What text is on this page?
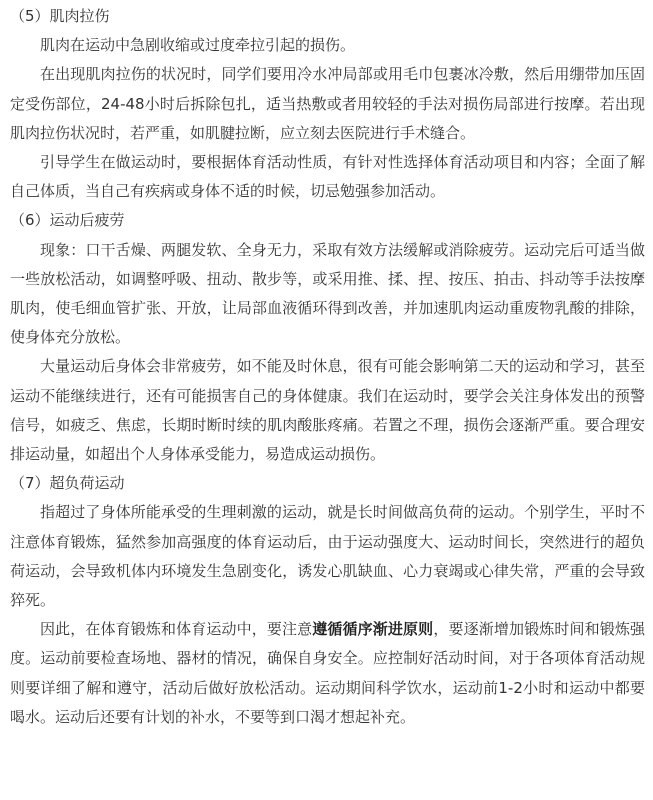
（5）肌肉拉伤

肌肉在运动中急剧收缩或过度牵拉引起的损伤。

在出现肌肉拉伤的状况时，同学们要用冷水冲局部或用毛巾包裹冰冷敷，然后用绷带加压固定受伤部位，24-48小时后拆除包扎，适当热敷或者用较轻的手法对损伤局部进行按摩。若出现肌肉拉伤状况时，若严重，如肌腱拉断，应立刻去医院进行手术缝合。

引导学生在做运动时，要根据体育活动性质，有针对性选择体育活动项目和内容；全面了解自己体质，当自己有疾病或身体不适的时候，切忌勉强参加活动。

（6）运动后疲劳

现象：口干舌燥、两腿发软、全身无力，采取有效方法缓解或消除疲劳。运动完后可适当做一些放松活动，如调整呼吸、扭动、散步等，或采用推、揉、捏、按压、拍击、抖动等手法按摩肌肉，使毛细血管扩张、开放，让局部血液循环得到改善，并加速肌肉运动重废物乳酸的排除，使身体充分放松。

大量运动后身体会非常疲劳，如不能及时休息，很有可能会影响第二天的运动和学习，甚至运动不能继续进行，还有可能损害自己的身体健康。我们在运动时，要学会关注身体发出的预警信号，如疲乏、焦虑，长期时断时续的肌肉酸胀疼痛。若置之不理，损伤会逐渐严重。要合理安排运动量，如超出个人身体承受能力，易造成运动损伤。

（7）超负荷运动

指超过了身体所能承受的生理刺激的运动，就是长时间做高负荷的运动。个别学生，平时不注意体育锻炼，猛然参加高强度的体育运动后，由于运动强度大、运动时间长，突然进行的超负荷运动，会导致机体内环境发生急剧变化，诱发心肌缺血、心力衰竭或心律失常，严重的会导致猝死。

因此，在体育锻炼和体育运动中，要注意遵循循序渐进原则，要逐渐增加锻炼时间和锻炼强度。运动前要检查场地、器材的情况，确保自身安全。应控制好活动时间，对于各项体育活动规则要详细了解和遵守，活动后做好放松活动。运动期间科学饮水，运动前1-2小时和运动中都要喝水。运动后还要有计划的补水，不要等到口渴才想起补充。
